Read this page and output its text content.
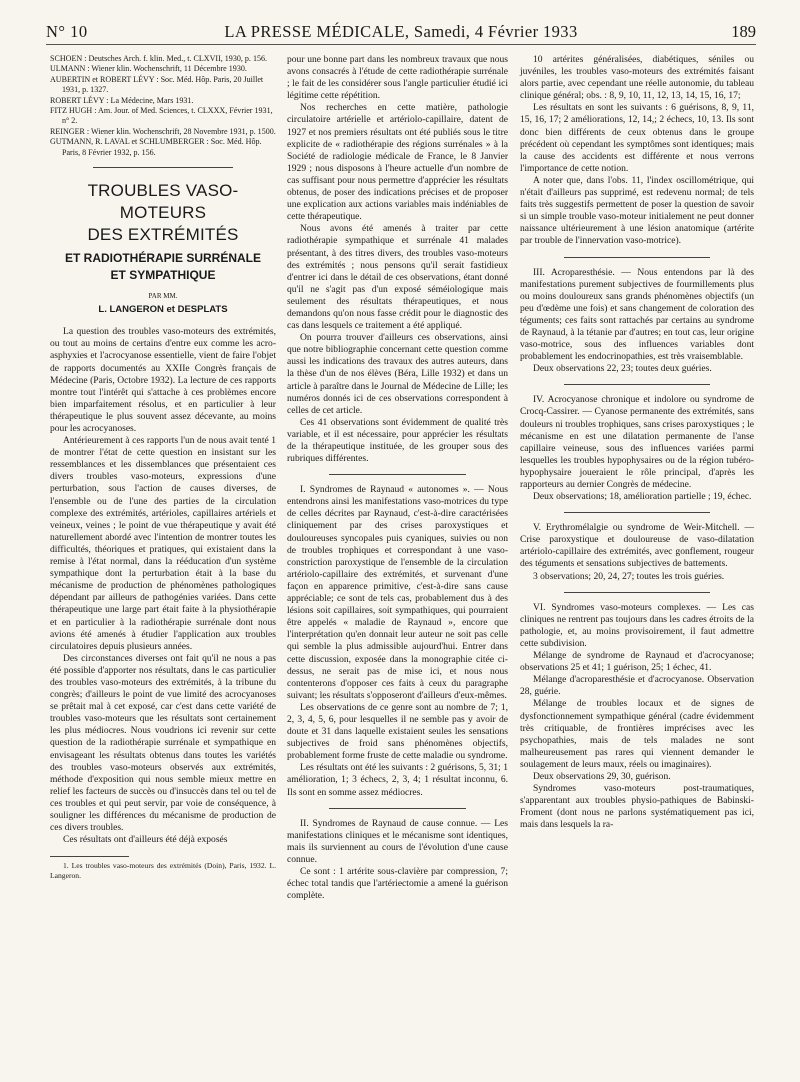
N° 10	LA PRESSE MÉDICALE, Samedi, 4 Février 1933	189
SCHOEN : Deutsches Arch. f. klin. Med., t. CLXVII, 1930, p. 156.
ULMANN : Wiener klin. Wochenschrift, 11 Décembre 1930.
AUBERTIN et ROBERT LÉVY : Soc. Méd. Hôp. Paris, 20 Juillet 1931, p. 1327.
ROBERT LÉVY : La Médecine, Mars 1931.
FITZ HUGH : Am. Jour. of Med. Sciences, t. CLXXX, Février 1931, n° 2.
REINGER : Wiener klin. Wochenschrift, 28 Novembre 1931, p. 1500.
GUTMANN, R. LAVAL et SCHLUMBERGER : Soc. Méd. Hôp. Paris, 8 Février 1932, p. 156.
TROUBLES VASO-MOTEURS
DES EXTRÉMITÉS
ET RADIOTHÉRAPIE SURRÉNALE
ET SYMPATHIQUE
PAR MM.
L. LANGERON et DESPLATS

La question des troubles vaso-moteurs des extrémités, ou tout au moins de certains d'entre eux comme les acro-asphyxies et l'acrocyanose essentielle, vient de faire l'objet de rapports documentés au XXIIe Congrès français de Médecine (Paris, Octobre 1932). La lecture de ces rapports montre tout l'intérêt qui s'attache à ces problèmes encore bien imparfaitement résolus, et en particulier à leur thérapeutique le plus souvent assez décevante, au moins pour les acrocyanoses.

Antérieurement à ces rapports l'un de nous avait tenté 1 de montrer l'état de cette question en insistant sur les ressemblances et les dissemblances que présentaient ces divers troubles vaso-moteurs, expressions d'une perturbation, sous l'action de causes diverses, de l'ensemble ou de l'une des parties de la circulation complexe des extrémités, artérioles, capillaires artériels et veineux, veines ; le point de vue thérapeutique y avait été naturellement abordé avec l'intention de montrer toutes les difficultés, théoriques et pratiques, qui existaient dans la remise à l'état normal, dans la rééducation d'un système sympathique dont la perturbation était à la base du mécanisme de production de phénomènes pathologiques dépendant par ailleurs de pathogénies variées. Dans cette thérapeutique une large part était faite à la physiothérapie et en particulier à la radiothérapie surrénale dont nous avions été amenés à étudier l'application aux troubles circulatoires depuis plusieurs années.

Des circonstances diverses ont fait qu'il ne nous a pas été possible d'apporter nos résultats, dans le cas particulier des troubles vaso-moteurs des extrémités, à la tribune du congrès; d'ailleurs le point de vue limité des acrocyanoses se prêtait mal à cet exposé, car c'est dans cette variété de troubles vaso-moteurs que les résultats sont certainement les plus médiocres. Nous voudrions ici revenir sur cette question de la radiothérapie surrénale et sympathique en envisageant les résultats obtenus dans toutes les variétés des troubles vaso-moteurs observés aux extrémités, méthode d'exposition qui nous semble mieux mettre en relief les facteurs de succès ou d'insuccès dans tel ou tel de ces troubles et qui peut servir, par voie de conséquence, à souligner les différences du mécanisme de production de ces divers troubles.

Ces résultats ont d'ailleurs été déjà exposés

1. Les troubles vaso-moteurs des extrémités (Doin), Paris, 1932. L. Langeron.

pour une bonne part dans les nombreux travaux que nous avons consacrés à l'étude de cette radiothérapie surrénale ; le fait de les considérer sous l'angle particulier étudié ici légitime cette répétition.

Nos recherches en cette matière, pathologie circulatoire artérielle et artériolo-capillaire, datent de 1927 et nos premiers résultats ont été publiés sous le titre explicite de « radiothérapie des régions surrénales » à la Société de radiologie médicale de France, le 8 Janvier 1929 ; nous disposons à l'heure actuelle d'un nombre de cas suffisant pour nous permettre d'apprécier les résultats obtenus, de poser des indications précises et de proposer une explication aux actions variables mais indéniables de cette thérapeutique.

Nous avons été amenés à traiter par cette radiothérapie sympathique et surrénale 41 malades présentant, à des titres divers, des troubles vaso-moteurs des extrémités ; nous pensons qu'il serait fastidieux d'entrer ici dans le détail de ces observations, étant donné qu'il ne s'agit pas d'un exposé séméiologique mais seulement des résultats thérapeutiques, et nous demandons qu'on nous fasse crédit pour le diagnostic des cas dans lesquels ce traitement a été appliqué.

On pourra trouver d'ailleurs ces observations, ainsi que notre bibliographie concernant cette question comme aussi les indications des travaux des autres auteurs, dans la thèse d'un de nos élèves (Béra, Lille 1932) et dans un article à paraître dans le Journal de Médecine de Lille; les numéros donnés ici de ces observations correspondent à celles de cet article.

Ces 41 observations sont évidemment de qualité très variable, et il est nécessaire, pour apprécier les résultats de la thérapeutique instituée, de les grouper sous des rubriques différentes.

I. Syndromes de Raynaud « autonomes ». — Nous entendrons ainsi les manifestations vaso-motrices du type de celles décrites par Raynaud, c'est-à-dire caractérisées cliniquement par des crises paroxystiques et douloureuses syncopales puis cyaniques, suivies ou non de troubles trophiques et correspondant à une vaso-constriction paroxystique de l'ensemble de la circulation artériolo-capillaire des extrémités, et survenant d'une façon en apparence primitive, c'est-à-dire sans cause appréciable; ce sont de tels cas, probablement dus à des lésions soit capillaires, soit sympathiques, qui pourraient être appelés « maladie de Raynaud », encore que l'interprétation qu'en donnait leur auteur ne soit pas celle qui semble la plus admissible aujourd'hui. Entrer dans cette discussion, exposée dans la monographie citée ci-dessus, ne serait pas de mise ici, et nous nous contenterons d'opposer ces faits à ceux du paragraphe suivant; les résultats s'opposeront d'ailleurs d'eux-mêmes.

Les observations de ce genre sont au nombre de 7; 1, 2, 3, 4, 5, 6, pour lesquelles il ne semble pas y avoir de doute et 31 dans laquelle existaient seules les sensations subjectives de froid sans phénomènes objectifs, probablement forme fruste de cette maladie ou syndrome.

Les résultats ont été les suivants : 2 guérisons, 5, 31; 1 amélioration, 1; 3 échecs, 2, 3, 4; 1 résultat inconnu, 6. Ils sont en somme assez médiocres.

II. Syndromes de Raynaud de cause connue. — Les manifestations cliniques et le mécanisme sont identiques, mais ils surviennent au cours de l'évolution d'une cause connue.

Ce sont : 1 artérite sous-clavière par compression, 7; échec total tandis que l'artériectomie a amené la guérison complète.

10 artérites généralisées, diabétiques, séniles ou juvéniles, les troubles vaso-moteurs des extrémités faisant alors partie, avec cependant une réelle autonomie, du tableau clinique général; obs. : 8, 9, 10, 11, 12, 13, 14, 15, 16, 17;

Les résultats en sont les suivants : 6 guérisons, 8, 9, 11, 15, 16, 17; 2 améliorations, 12, 14,; 2 échecs, 10, 13. Ils sont donc bien différents de ceux obtenus dans le groupe précédent où cependant les symptômes sont identiques; mais la cause des accidents est différente et nous verrons l'importance de cette notion.

A noter que, dans l'obs. 11, l'index oscillométrique, qui n'était d'ailleurs pas supprimé, est redevenu normal; de tels faits très suggestifs permettent de poser la question de savoir si un simple trouble vaso-moteur initialement ne peut donner naissance ultérieurement à une lésion anatomique (artérite par trouble de l'innervation vaso-motrice).

III. Acroparesthésie. — Nous entendons par là des manifestations purement subjectives de fourmillements plus ou moins douloureux sans grands phénomènes objectifs (un peu d'œdème une fois) et sans changement de coloration des téguments; ces faits sont rattachés par certains au syndrome de Raynaud, à la tétanie par d'autres; en tout cas, leur origine vaso-motrice, sous des influences variables dont probablement les endocrinopathies, est très vraisemblable.

Deux observations 22, 23; toutes deux guéries.

IV. Acrocyanose chronique et indolore ou syndrome de Crocq-Cassirer. — Cyanose permanente des extrémités, sans douleurs ni troubles trophiques, sans crises paroxystiques ; le mécanisme en est une dilatation permanente de l'anse capillaire veineuse, sous des influences variées parmi lesquelles les troubles hypophysaires ou de la région tubéro-hypophysaire joueraient le rôle principal, d'après les rapporteurs au dernier Congrès de médecine.

Deux observations; 18, amélioration partielle ; 19, échec.

V. Erythromélalgie ou syndrome de Weir-Mitchell. — Crise paroxystique et douloureuse de vaso-dilatation artériolo-capillaire des extrémités, avec gonflement, rougeur des téguments et sensations subjectives de battements.

3 observations; 20, 24, 27; toutes les trois guéries.

VI. Syndromes vaso-moteurs complexes. — Les cas cliniques ne rentrent pas toujours dans les cadres étroits de la pathologie, et, au moins provisoirement, il faut admettre cette subdivision.

Mélange de syndrome de Raynaud et d'acrocyanose; observations 25 et 41; 1 guérison, 25; 1 échec, 41.

Mélange d'acroparesthésie et d'acrocyanose. Observation 28, guérie.

Mélange de troubles locaux et de signes de dysfonctionnement sympathique général (cadre évidemment très critiquable, de frontières imprécises avec les psychopathies, mais de tels malades ne sont malheureusement pas rares qui viennent demander le soulagement de leurs maux, réels ou imaginaires).

Deux observations 29, 30, guérison.

Syndromes vaso-moteurs post-traumatiques, s'apparentant aux troubles physio-pathiques de Babinski-Froment (dont nous ne parlons systématiquement pas ici, mais dans lesquels la ra-
